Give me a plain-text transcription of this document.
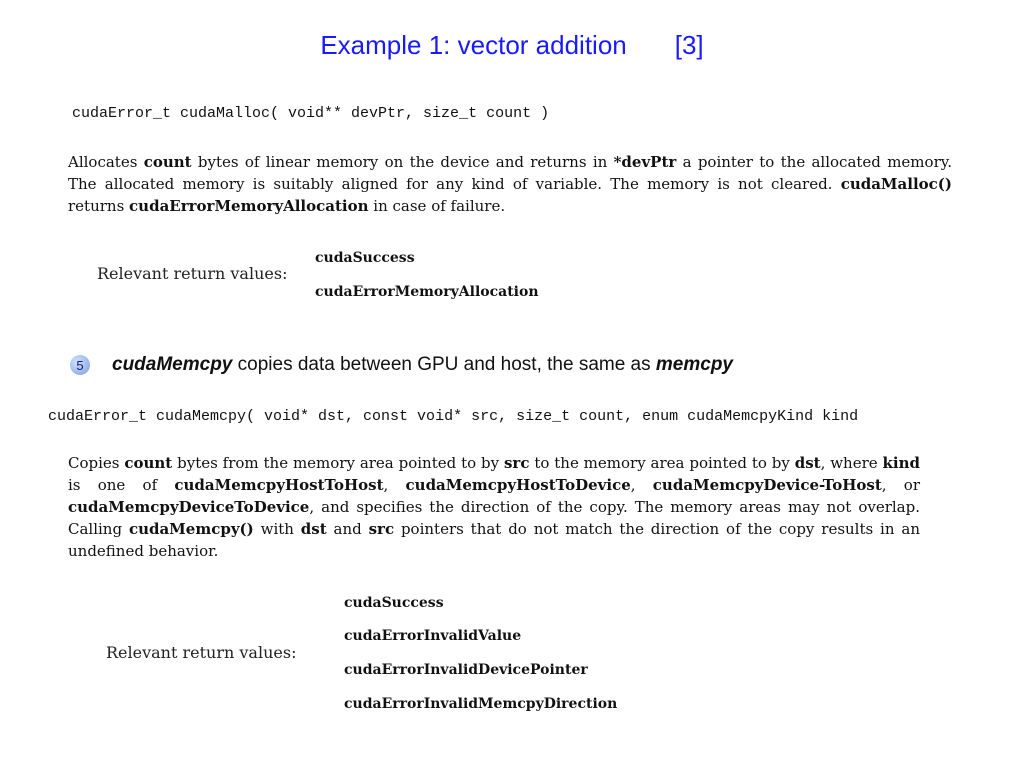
Example 1: vector addition [3]
cudaError_t cudaMalloc( void** devPtr, size_t count )
Allocates count bytes of linear memory on the device and returns in *devPtr a pointer to the allocated memory. The allocated memory is suitably aligned for any kind of variable. The memory is not cleared. cudaMalloc() returns cudaErrorMemoryAllocation in case of failure.
Relevant return values:
cudaSuccess
cudaErrorMemoryAllocation
5	cudaMemcpy copies data between GPU and host, the same as memcpy
cudaError_t cudaMemcpy( void* dst, const void* src, size_t count, enum cudaMemcpyKind kind
Copies count bytes from the memory area pointed to by src to the memory area pointed to by dst, where kind is one of cudaMemcpyHostToHost, cudaMemcpyHostToDevice, cudaMemcpyDevice-ToHost, or cudaMemcpyDeviceToDevice, and specifies the direction of the copy. The memory areas may not overlap. Calling cudaMemcpy() with dst and src pointers that do not match the direction of the copy results in an undefined behavior.
Relevant return values:
cudaSuccess
cudaErrorInvalidValue
cudaErrorInvalidDevicePointer
cudaErrorInvalidMemcpyDirection
